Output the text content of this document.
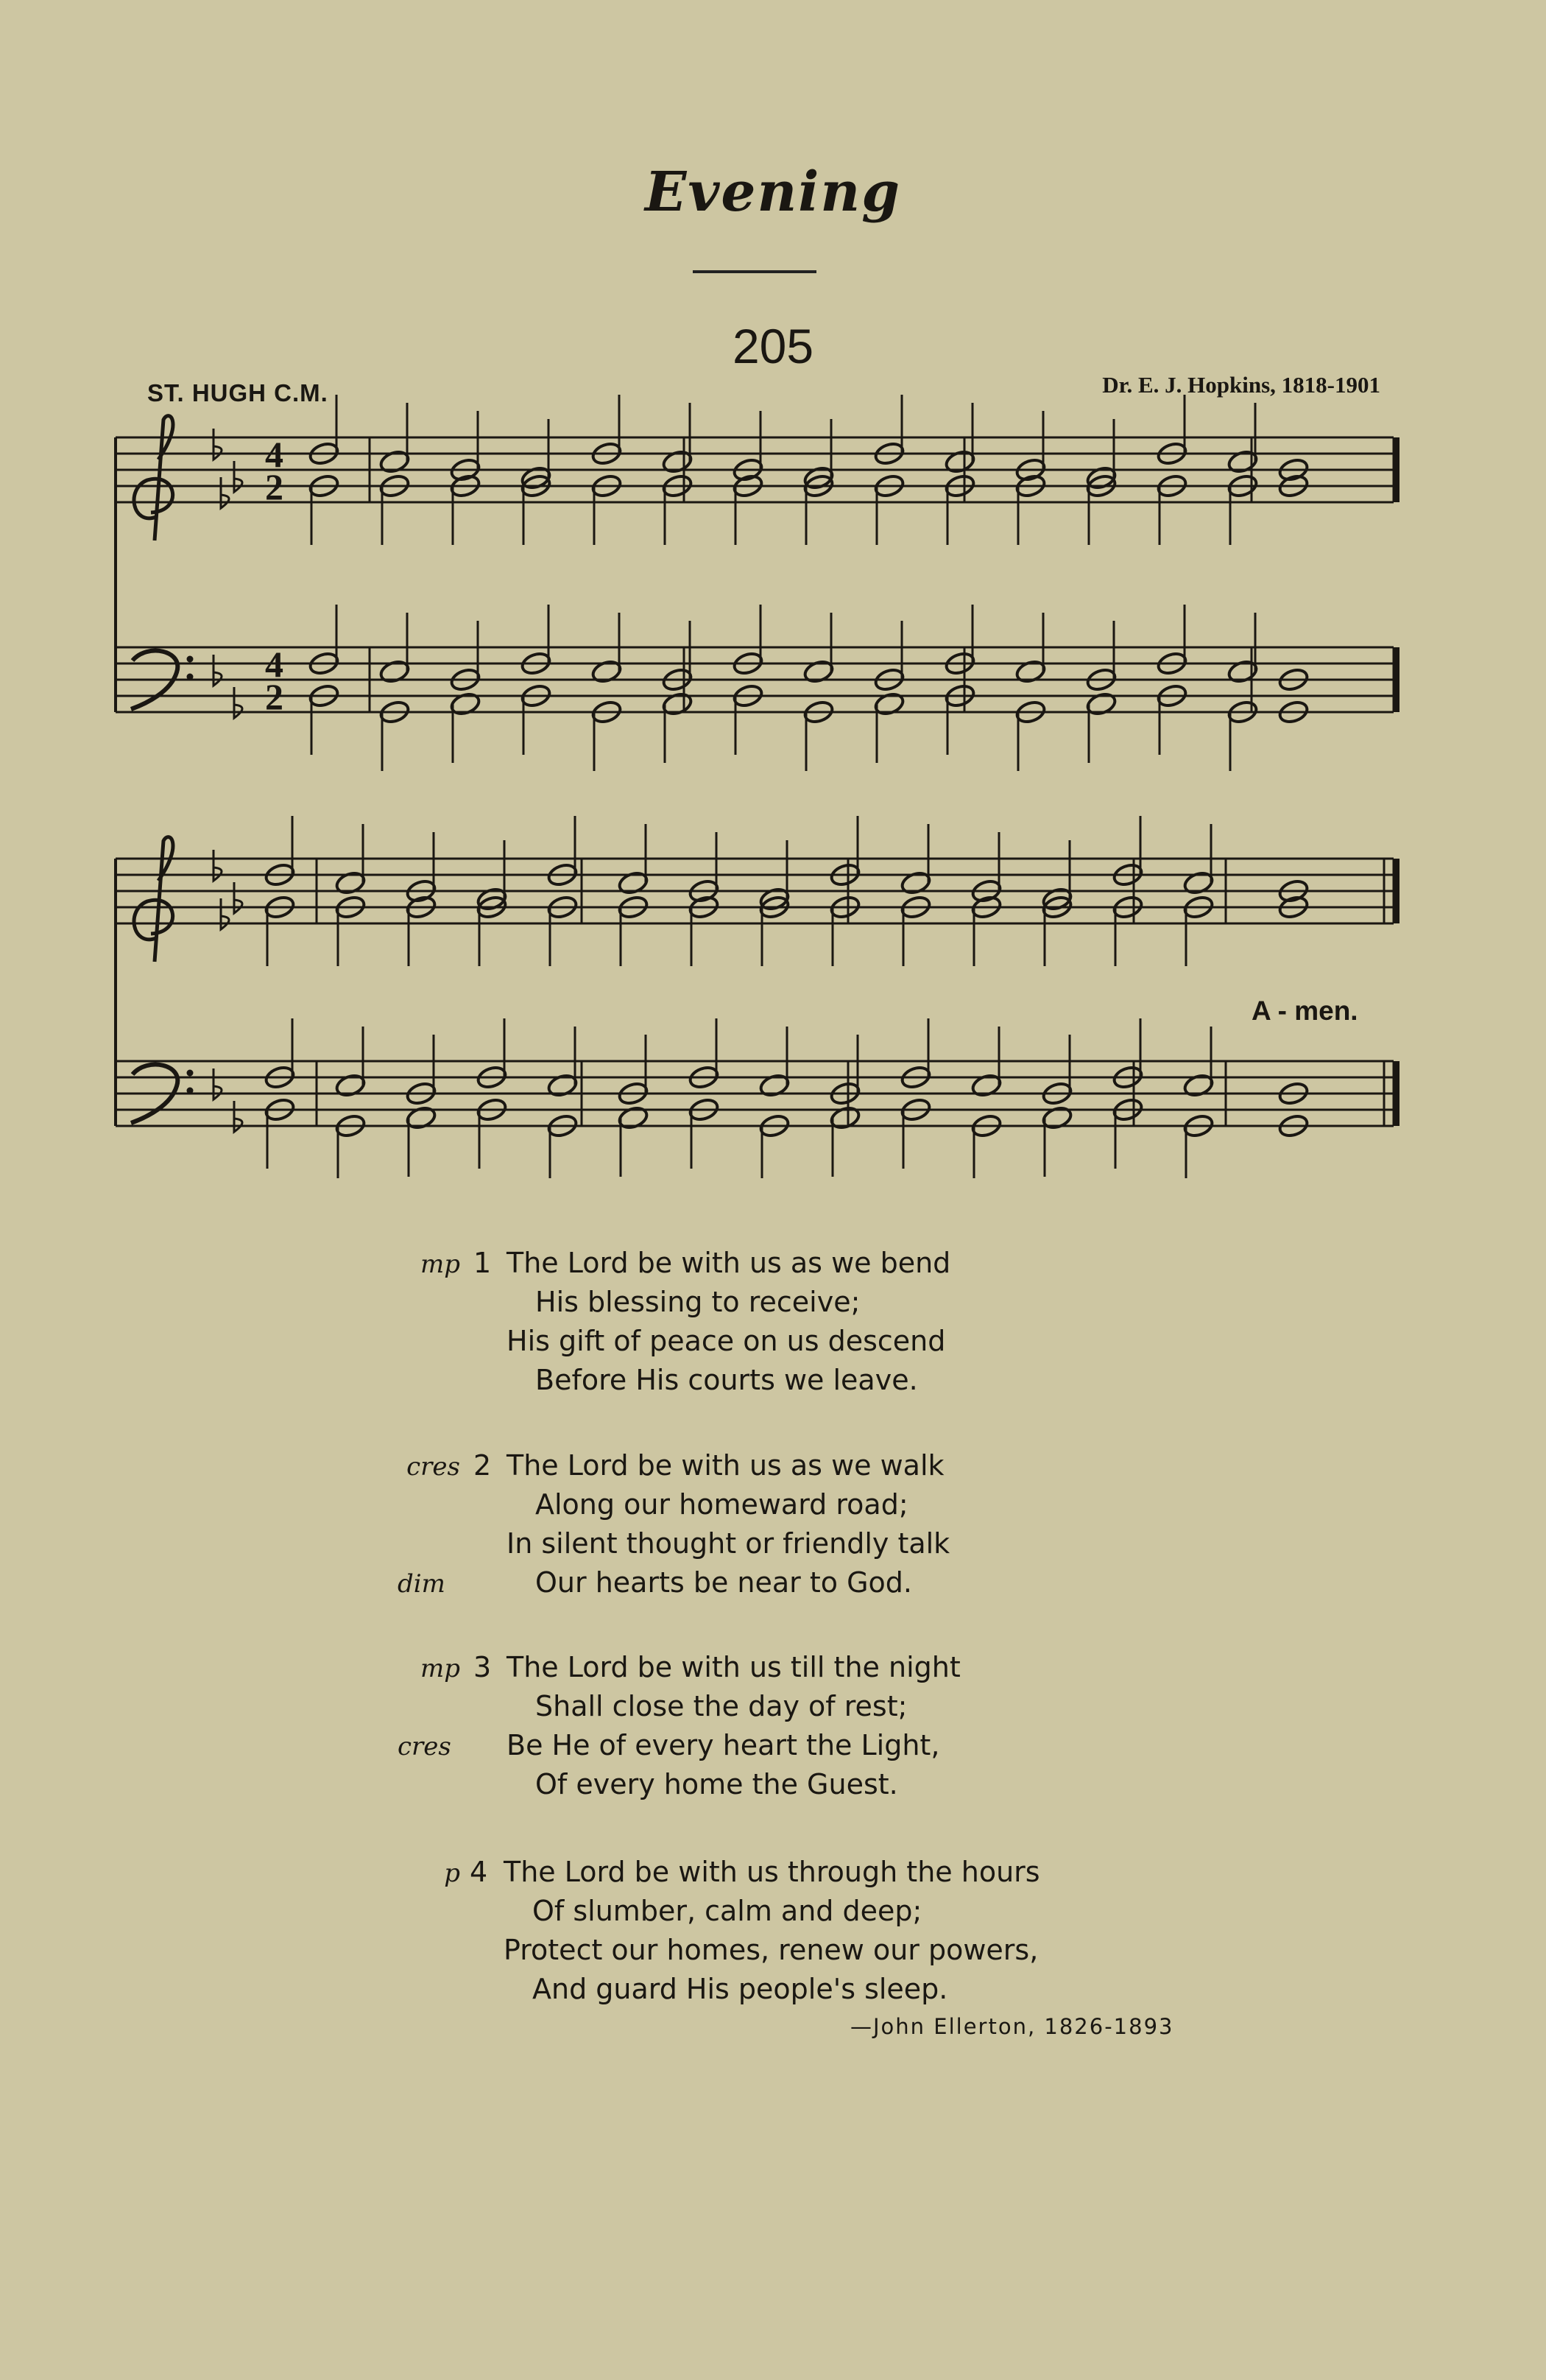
Evening
205
ST. HUGH C.M.	Dr. E. J. Hopkins, 1818-1901
4
4
2
2
A - men.
mp 1 The Lord be with us as we bend
His blessing to receive;
His gift of peace on us descend
Before His courts we leave.
cres 2 The Lord be with us as we walk
Along our homeward road;
In silent thought or friendly talk
Our hearts be near to God.
dim
mp 3 The Lord be with us till the night
Shall close the day of rest;
Be He of every heart the Light,
cres
Of every home the Guest.
p 4 The Lord be with us through the hours
Of slumber, calm and deep;
Protect our homes, renew our powers,
And guard His people's sleep.
—John Ellerton, 1826-1893
